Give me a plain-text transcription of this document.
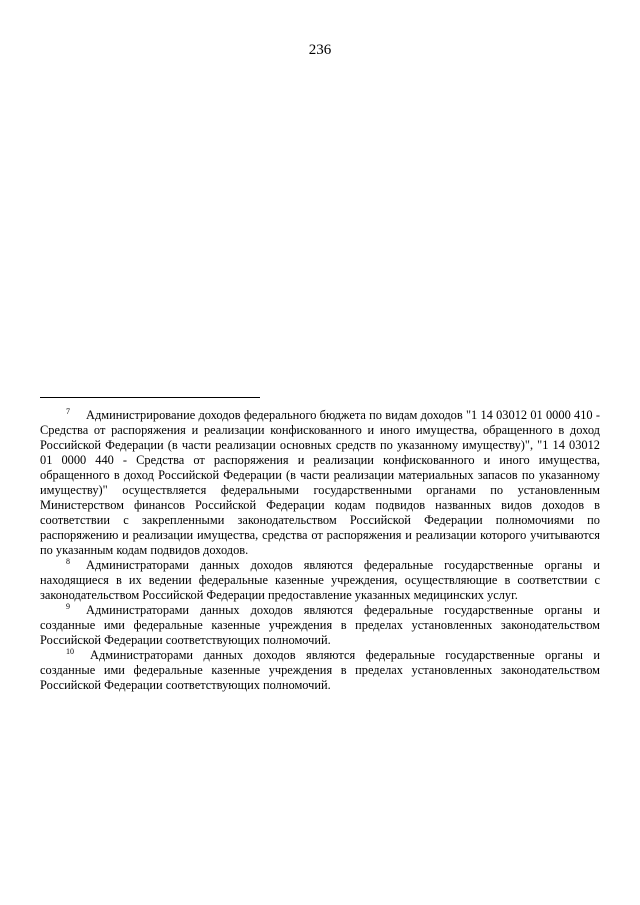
236

$^7$ Администрирование доходов федерального бюджета по видам доходов "1 14 03012 01 0000 410 - Средства от распоряжения и реализации конфискованного и иного имущества, обращенного в доход Российской Федерации (в части реализации основных средств по указанному имуществу)", "1 14 03012 01 0000 440 - Средства от распоряжения и реализации конфискованного и иного имущества, обращенного в доход Российской Федерации (в части реализации материальных запасов по указанному имуществу)" осуществляется федеральными государственными органами по установленным Министерством финансов Российской Федерации кодам подвидов названных видов доходов в соответствии с закрепленными законодательством Российской Федерации полномочиями по распоряжению и реализации имущества, средства от распоряжения и реализации которого учитываются по указанным кодам подвидов доходов.

$^8$ Администраторами данных доходов являются федеральные государственные органы и находящиеся в их ведении федеральные казенные учреждения, осуществляющие в соответствии с законодательством Российской Федерации предоставление указанных медицинских услуг.

$^9$ Администраторами данных доходов являются федеральные государственные органы и созданные ими федеральные казенные учреждения в пределах установленных законодательством Российской Федерации соответствующих полномочий.

$^{10}$ Администраторами данных доходов являются федеральные государственные органы и созданные ими федеральные казенные учреждения в пределах установленных законодательством Российской Федерации соответствующих полномочий.
